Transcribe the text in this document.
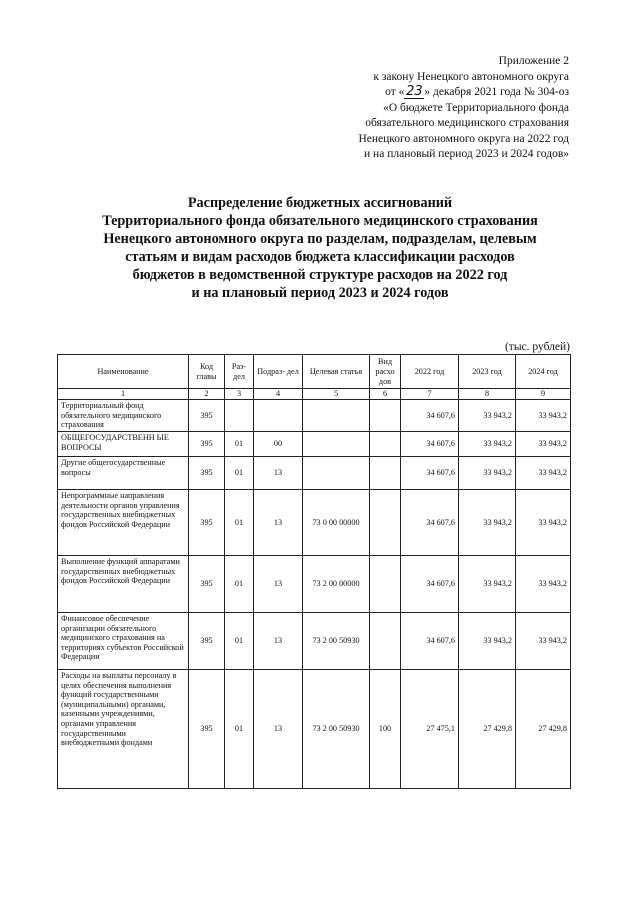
Приложение 2
к закону Ненецкого автономного округа
от « 23 » декабря 2021 года № 304-оз
«О бюджете Территориального фонда
обязательного медицинского страхования
Ненецкого автономного округа на 2022 год
и на плановый период 2023 и 2024 годов»
Распределение бюджетных ассигнований
Территориального фонда обязательного медицинского страхования
Ненецкого автономного округа по разделам, подразделам, целевым
статьям и видам расходов бюджета классификации расходов
бюджетов в ведомственной структуре расходов на 2022 год
и на плановый период 2023 и 2024 годов
(тыс. рублей)
Наименование	Код главы	Раз- дел	Подраз- дел	Целевая статья	Вид расхо дов	2022 год	2023 год	2024 год
1	2	3	4	5	6	7	8	9
Территориальный фонд обязательного медицинского страхования	395					34 607,6	33 943,2	33 943,2
ОБЩЕГОСУДАРСТВЕНН ЫЕ ВОПРОСЫ	395	01	00			34 607,6	33 943,2	33 943,2
Другие общегосударственные вопросы	395	01	13			34 607,6	33 943,2	33 943,2
Непрограммные направления деятельности органов управления государственных внебюджетных фондов Российской Федерации	395	01	13	73 0 00 00000		34 607,6	33 943,2	33 943,2
Выполнение функций аппаратами государственных внебюджетных фондов Российской Федерации	395	01	13	73 2 00 00000		34 607,6	33 943,2	33 943,2
Финансовое обеспечение организации обязательного медицинского страхования на территориях субъектов Российской Федерации	395	01	13	73 2 00 50930		34 607,6	33 943,2	33 943,2
Расходы на выплаты персоналу в целях обеспечения выполнения функций государственными (муниципальными) органами, казенными учреждениями, органами управления государственными внебюджетными фондами	395	01	13	73 2 00 50930	100	27 475,1	27 429,8	27 429,8
